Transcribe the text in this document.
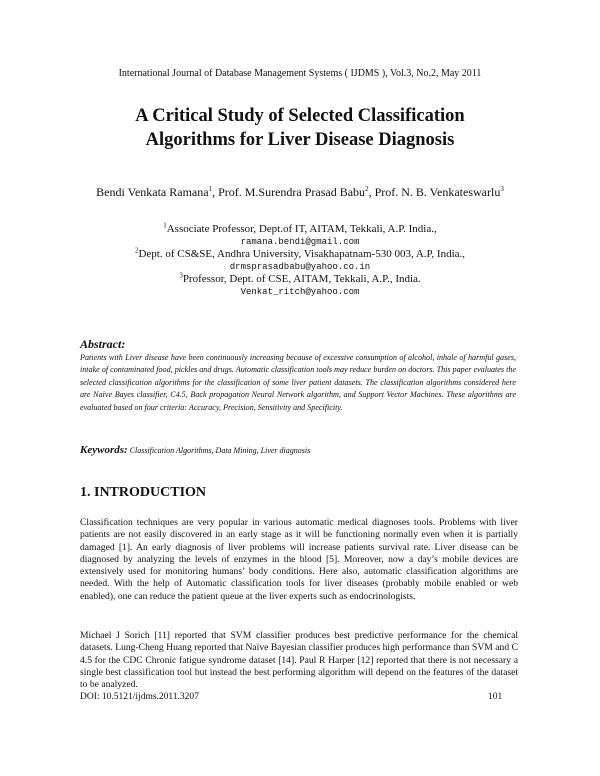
International Journal of Database Management Systems ( IJDMS ), Vol.3, No.2, May 2011
A Critical Study of Selected Classification
Algorithms for Liver Disease Diagnosis
Bendi Venkata Ramana$^1$, Prof. M.Surendra Prasad Babu$^2$, Prof. N. B. Venkateswarlu$^3$
$^1$Associate Professor, Dept.of IT, AITAM, Tekkali, A.P. India.,
ramana.bendi@gmail.com
$^2$Dept. of CS&SE, Andhra University, Visakhapatnam-530 003, A.P, India.,
drmsprasadbabu@yahoo.co.in
$^3$Professor, Dept. of CSE, AITAM, Tekkali, A.P., India.
Venkat_ritch@yahoo.com
Abstract:
Patients with Liver disease have been continuously increasing because of excessive consumption of alcohol, inhale of harmful gases, intake of contaminated food, pickles and drugs. Automatic classification tools may reduce burden on doctors. This paper evaluates the selected classification algorithms for the classification of some liver patient datasets. The classification algorithms considered here are Naïve Bayes classifier, C4.5, Back propagation Neural Network algorithm, and Support Vector Machines. These algorithms are evaluated based on four criteria: Accuracy, Precision, Sensitivity and Specificity.
Keywords: Classification Algorithms, Data Mining, Liver diagnosis
1. INTRODUCTION
Classification techniques are very popular in various automatic medical diagnoses tools. Problems with liver patients are not easily discovered in an early stage as it will be functioning normally even when it is partially damaged [1]. An early diagnosis of liver problems will increase patients survival rate. Liver disease can be diagnosed by analyzing the levels of enzymes in the blood [5]. Moreover, now a day’s mobile devices are extensively used for monitoring humans’ body conditions. Here also, automatic classification algorithms are needed. With the help of Automatic classification tools for liver diseases (probably mobile enabled or web enabled), one can reduce the patient queue at the liver experts such as endocrinologists.
Michael J Sorich [11] reported that SVM classifier produces best predictive performance for the chemical datasets. Lung-Cheng Huang reported that Naïve Bayesian classifier produces high performance than SVM and C 4.5 for the CDC Chronic fatigue syndrome dataset [14]. Paul R Harper [12] reported that there is not necessary a single best classification tool but instead the best performing algorithm will depend on the features of the dataset to be analyzed.
DOI: 10.5121/ijdms.2011.3207	101
